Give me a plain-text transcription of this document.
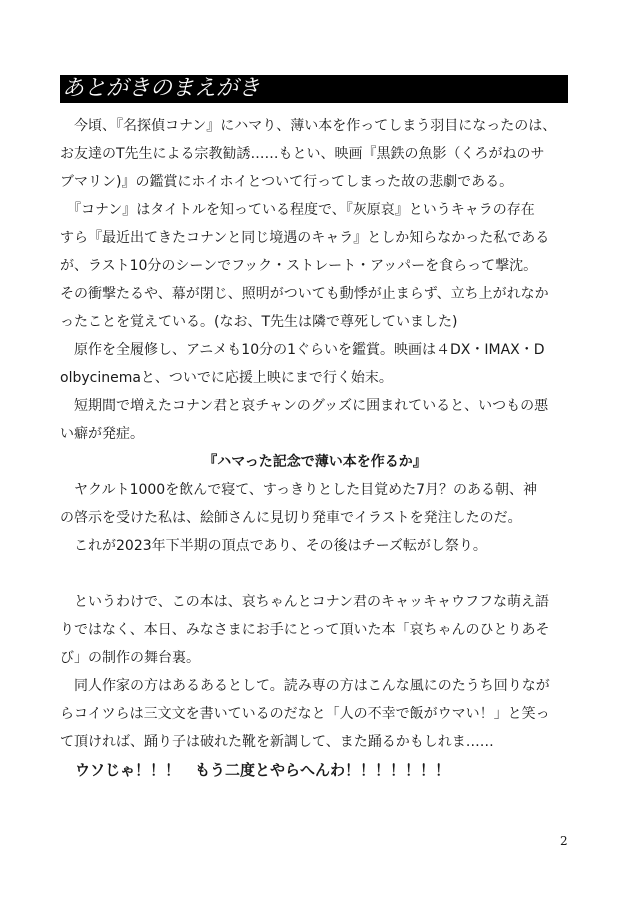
あとがきのまえがき
　今頃、『名探偵コナン』にハマり、薄い本を作ってしまう羽目になったのは、
お友達のT先生による宗教勧誘……もとい、映画『黒鉄の魚影（くろがねのサ
ブマリン)』の鑑賞にホイホイとついて行ってしまった故の悲劇である。
　『コナン』はタイトルを知っている程度で、『灰原哀』というキャラの存在
すら『最近出てきたコナンと同じ境遇のキャラ』としか知らなかった私である
が、ラスト10分のシーンでフック・ストレート・アッパーを食らって撃沈。
その衝撃たるや、幕が閉じ、照明がついても動悸が止まらず、立ち上がれなか
ったことを覚えている。(なお、T先生は隣で尊死していました)
　原作を全履修し、アニメも10分の1ぐらいを鑑賞。映画は４DX・IMAX・D
olbycinemaと、ついでに応援上映にまで行く始末。
　短期間で増えたコナン君と哀チャンのグッズに囲まれていると、いつもの悪
い癖が発症。
『ハマった記念で薄い本を作るか』
　ヤクルト1000を飲んで寝て、すっきりとした目覚めた7月？のある朝、神
の啓示を受けた私は、絵師さんに見切り発車でイラストを発注したのだ。
　これが2023年下半期の頂点であり、その後はチーズ転がし祭り。
　というわけで、この本は、哀ちゃんとコナン君のキャッキャウフフな萌え語
りではなく、本日、みなさまにお手にとって頂いた本「哀ちゃんのひとりあそ
び」の制作の舞台裏。
　同人作家の方はあるあるとして。読み専の方はこんな風にのたうち回りなが
らコイツらは三文文を書いているのだなと「人の不幸で飯がウマい！」と笑っ
て頂ければ、踊り子は破れた靴を新調して、また踊るかもしれま……
　ウソじゃ！！！　もう二度とやらへんわ！！！！！！！
2
